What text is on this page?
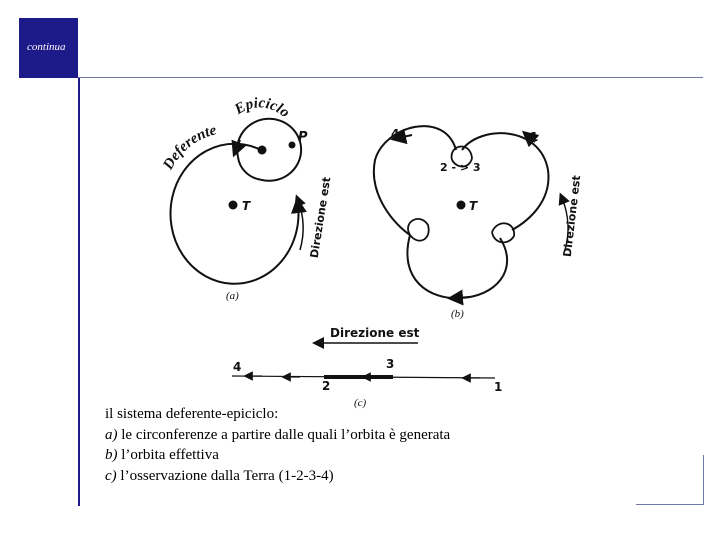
continua
Deferente
Epiciclo
P
T
Direzione est
(a)
T
1
2 - > 3
4
Direzione est
(b)
Direzione est
4	3
2	1
(c)
il sistema deferente-epiciclo:
a) le circonferenze a partire dalle quali l’orbita è generata
b) l’orbita effettiva
c) l’osservazione dalla Terra (1-2-3-4)
